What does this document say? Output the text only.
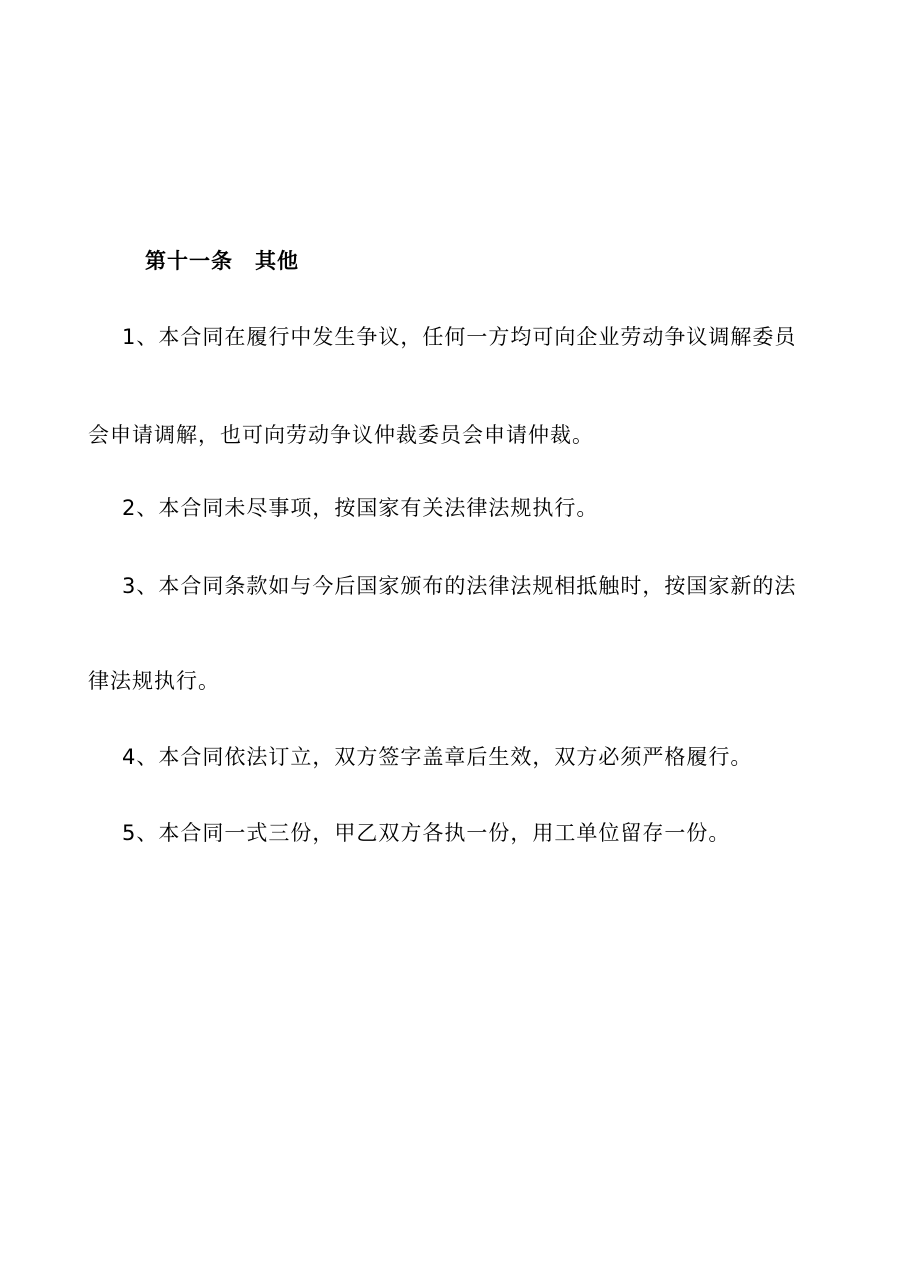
第十一条 其他
1、本合同在履行中发生争议，任何一方均可向企业劳动争议调解委员
会申请调解，也可向劳动争议仲裁委员会申请仲裁。
2、本合同未尽事项，按国家有关法律法规执行。
3、本合同条款如与今后国家颁布的法律法规相抵触时，按国家新的法
律法规执行。
4、本合同依法订立，双方签字盖章后生效，双方必须严格履行。
5、本合同一式三份，甲乙双方各执一份，用工单位留存一份。
